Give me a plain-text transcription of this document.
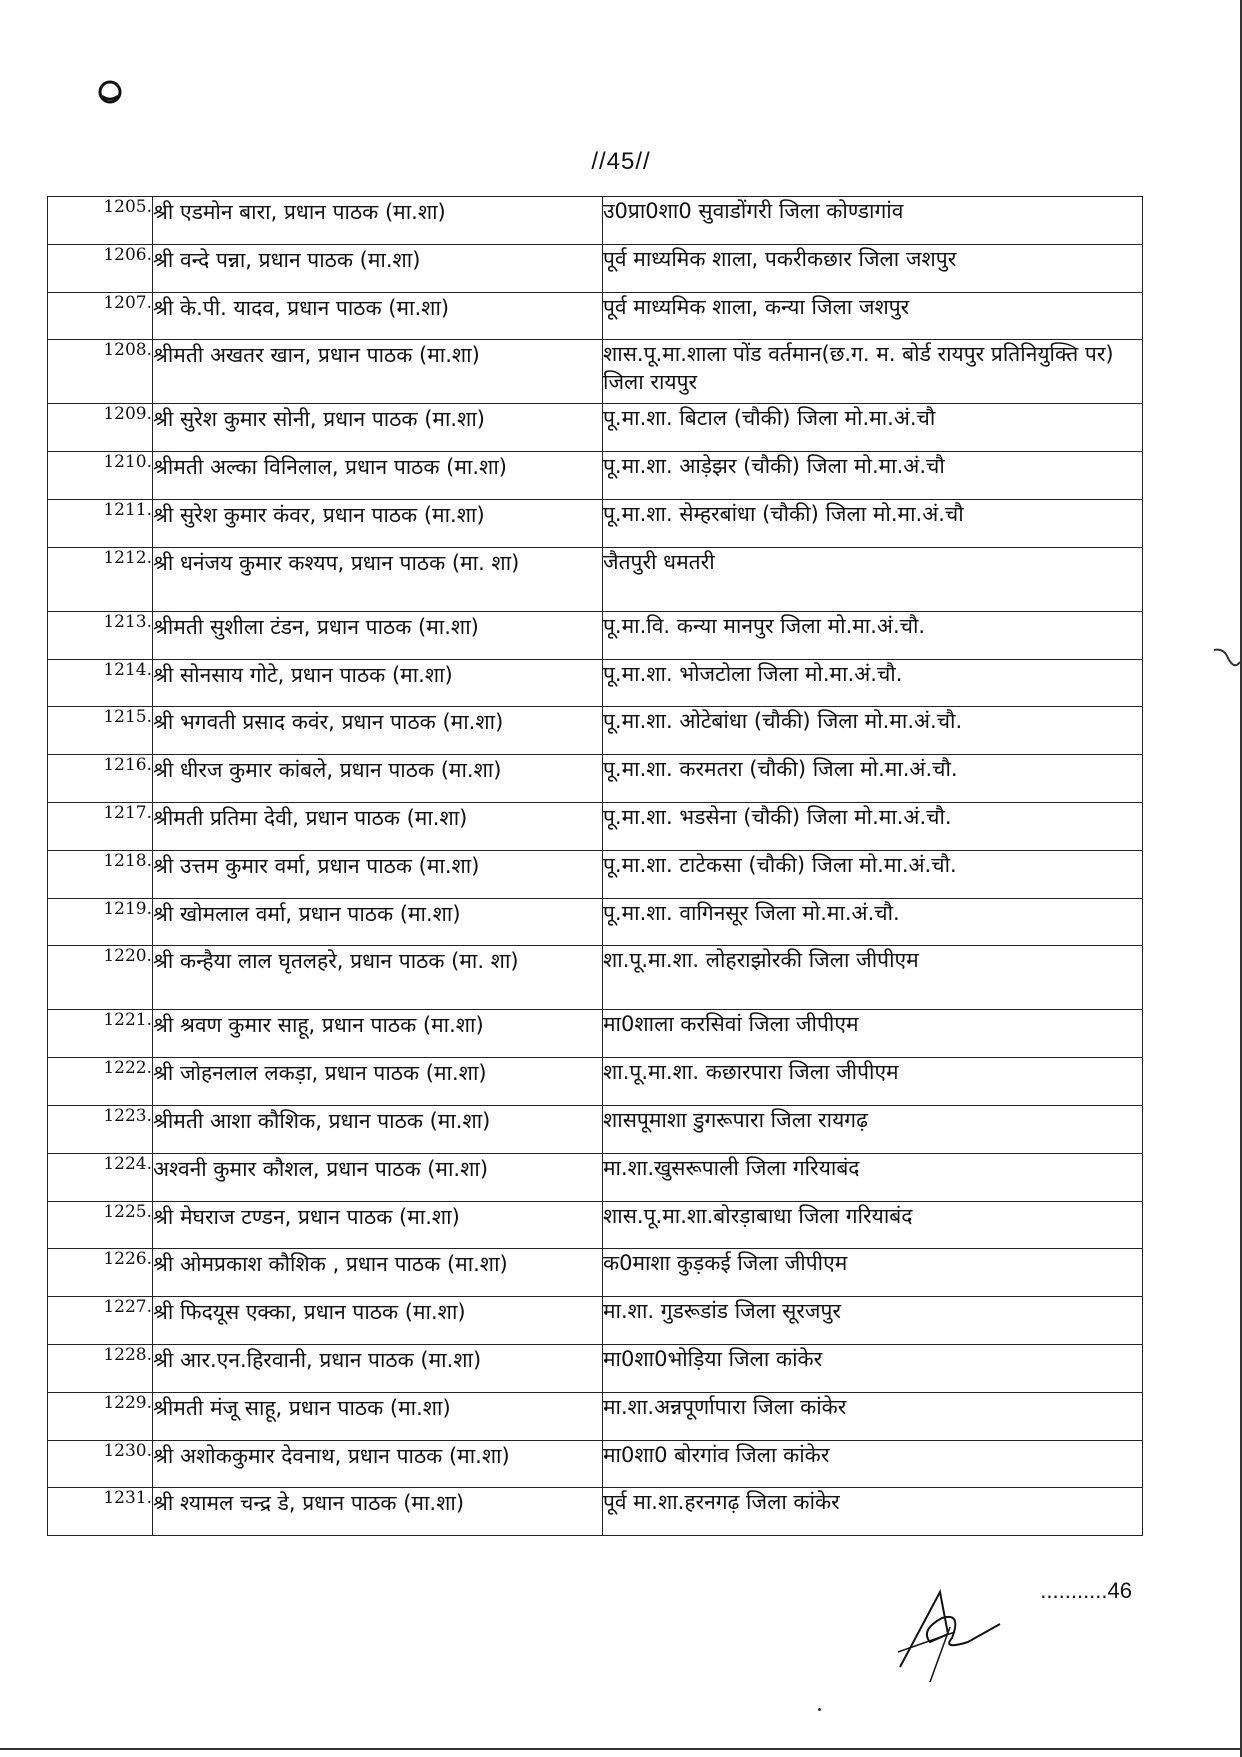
//45//
1205.	श्री एडमोन बारा, प्रधान पाठक (मा.शा)	उ0प्रा0शा0 सुवाडोंगरी जिला कोण्डागांव
1206.	श्री वन्दे पन्ना, प्रधान पाठक (मा.शा)	पूर्व माध्यमिक शाला, पकरीकछार जिला जशपुर
1207.	श्री के.पी. यादव, प्रधान पाठक (मा.शा)	पूर्व माध्यमिक शाला, कन्या जिला जशपुर
1208.	श्रीमती अखतर खान, प्रधान पाठक (मा.शा)	शास.पू.मा.शाला पोंड वर्तमान(छ.ग. म. बोर्ड रायपुर प्रतिनियुक्ति पर) जिला रायपुर
1209.	श्री सुरेश कुमार सोनी, प्रधान पाठक (मा.शा)	पू.मा.शा. बिटाल (चौकी) जिला मो.मा.अं.चौ
1210.	श्रीमती अल्का विनिलाल, प्रधान पाठक (मा.शा)	पू.मा.शा. आड़ेझर (चौकी) जिला मो.मा.अं.चौ
1211.	श्री सुरेश कुमार कंवर, प्रधान पाठक (मा.शा)	पू.मा.शा. सेम्हरबांधा (चौकी) जिला मो.मा.अं.चौ
1212.	श्री धनंजय कुमार कश्यप, प्रधान पाठक (मा. शा)	जैतपुरी धमतरी
1213.	श्रीमती सुशीला टंडन, प्रधान पाठक (मा.शा)	पू.मा.वि. कन्या मानपुर जिला मो.मा.अं.चौ.
1214.	श्री सोनसाय गोटे, प्रधान पाठक (मा.शा)	पू.मा.शा. भोजटोला जिला मो.मा.अं.चौ.
1215.	श्री भगवती प्रसाद कवंर, प्रधान पाठक (मा.शा)	पू.मा.शा. ओटेबांधा (चौकी) जिला मो.मा.अं.चौ.
1216.	श्री धीरज कुमार कांबले, प्रधान पाठक (मा.शा)	पू.मा.शा. करमतरा (चौकी) जिला मो.मा.अं.चौ.
1217.	श्रीमती प्रतिमा देवी, प्रधान पाठक (मा.शा)	पू.मा.शा. भडसेना (चौकी) जिला मो.मा.अं.चौ.
1218.	श्री उत्तम कुमार वर्मा, प्रधान पाठक (मा.शा)	पू.मा.शा. टाटेकसा (चौकी) जिला मो.मा.अं.चौ.
1219.	श्री खोमलाल वर्मा, प्रधान पाठक (मा.शा)	पू.मा.शा. वागिनसूर जिला मो.मा.अं.चौ.
1220.	श्री कन्हैया लाल घृतलहरे, प्रधान पाठक (मा. शा)	शा.पू.मा.शा. लोहराझोरकी जिला जीपीएम
1221.	श्री श्रवण कुमार साहू, प्रधान पाठक (मा.शा)	मा0शाला करसिवां जिला जीपीएम
1222.	श्री जोहनलाल लकड़ा, प्रधान पाठक (मा.शा)	शा.पू.मा.शा. कछारपारा जिला जीपीएम
1223.	श्रीमती आशा कौशिक, प्रधान पाठक (मा.शा)	शासपूमाशा डुगरूपारा जिला रायगढ़
1224.	अश्वनी कुमार कौशल, प्रधान पाठक (मा.शा)	मा.शा.खुसरूपाली जिला गरियाबंद
1225.	श्री मेघराज टण्डन, प्रधान पाठक (मा.शा)	शास.पू.मा.शा.बोरड़ाबाधा जिला गरियाबंद
1226.	श्री ओमप्रकाश कौशिक , प्रधान पाठक (मा.शा)	क0माशा कुड़कई जिला जीपीएम
1227.	श्री फिदयूस एक्का, प्रधान पाठक (मा.शा)	मा.शा. गुडरूडांड जिला सूरजपुर
1228.	श्री आर.एन.हिरवानी, प्रधान पाठक (मा.शा)	मा0शा0भोड़िया जिला कांकेर
1229.	श्रीमती मंजू साहू, प्रधान पाठक (मा.शा)	मा.शा.अन्नपूर्णापारा जिला कांकेर
1230.	श्री अशोककुमार देवनाथ, प्रधान पाठक (मा.शा)	मा0शा0 बोरगांव जिला कांकेर
1231.	श्री श्यामल चन्द्र डे, प्रधान पाठक (मा.शा)	पूर्व मा.शा.हरनगढ़ जिला कांकेर
...........46
